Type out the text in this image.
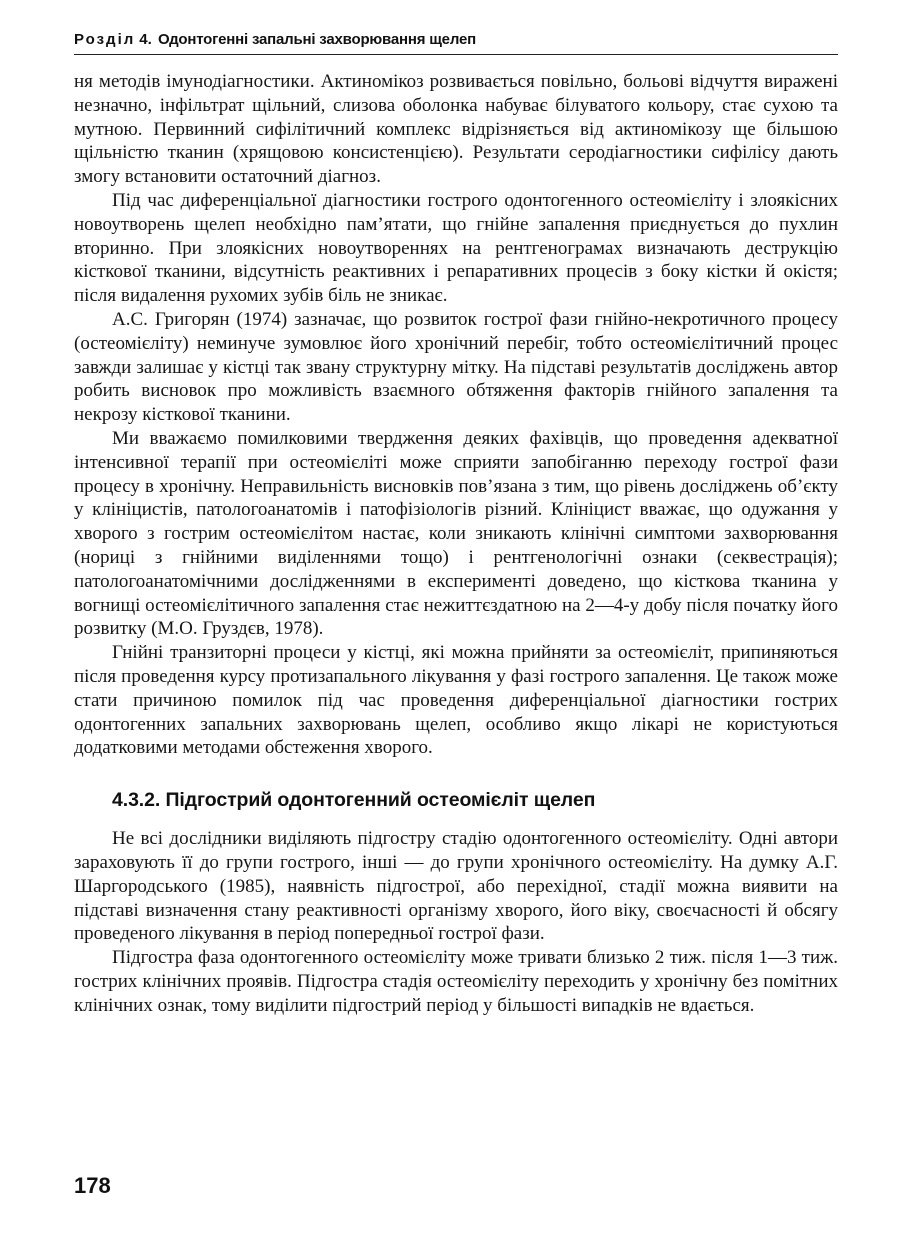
Розділ 4. Одонтогенні запальні захворювання щелеп

ня методів імунодіагностики. Актиномікоз розвивається повільно, больові відчуття виражені незначно, інфільтрат щільний, слизова оболонка набуває білуватого кольору, стає сухою та мутною. Первинний сифілітичний комплекс відрізняється від актиномікозу ще більшою щільністю тканин (хрящовою консистенцією). Результати серодіагностики сифілісу дають змогу встановити остаточний діагноз.

Під час диференціальної діагностики гострого одонтогенного остеомієліту і злоякісних новоутворень щелеп необхідно пам’ятати, що гнійне запалення приєднується до пухлин вторинно. При злоякісних новоутвореннях на рентгенограмах визначають деструкцію кісткової тканини, відсутність реактивних і репаративних процесів з боку кістки й окістя; після видалення рухомих зубів біль не зникає.

А.С. Григорян (1974) зазначає, що розвиток гострої фази гнійно-некротичного процесу (остеомієліту) неминуче зумовлює його хронічний перебіг, тобто остеомієлітичний процес завжди залишає у кістці так звану структурну мітку. На підставі результатів досліджень автор робить висновок про можливість взаємного обтяження факторів гнійного запалення та некрозу кісткової тканини.

Ми вважаємо помилковими твердження деяких фахівців, що проведення адекватної інтенсивної терапії при остеомієліті може сприяти запобіганню переходу гострої фази процесу в хронічну. Неправильність висновків пов’язана з тим, що рівень досліджень об’єкту у клініцистів, патологоанатомів і патофізіологів різний. Клініцист вважає, що одужання у хворого з гострим остеомієлітом настає, коли зникають клінічні симптоми захворювання (нориці з гнійними виділеннями тощо) і рентгенологічні ознаки (секвестрація); патологоанатомічними дослідженнями в експерименті доведено, що кісткова тканина у вогнищі остеомієлітичного запалення стає нежиттєздатною на 2—4-у добу після початку його розвитку (М.О. Груздєв, 1978).

Гнійні транзиторні процеси у кістці, які можна прийняти за остеомієліт, припиняються після проведення курсу протизапального лікування у фазі гострого запалення. Це також може стати причиною помилок під час проведення диференціальної діагностики гострих одонтогенних запальних захворювань щелеп, особливо якщо лікарі не користуються додатковими методами обстеження хворого.

4.3.2. Підгострий одонтогенний остеомієліт щелеп

Не всі дослідники виділяють підгостру стадію одонтогенного остеомієліту. Одні автори зараховують її до групи гострого, інші — до групи хронічного остеомієліту. На думку А.Г. Шаргородського (1985), наявність підгострої, або перехідної, стадії можна виявити на підставі визначення стану реактивності організму хворого, його віку, своєчасності й обсягу проведеного лікування в період попередньої гострої фази.

Підгостра фаза одонтогенного остеомієліту може тривати близько 2 тиж. після 1—3 тиж. гострих клінічних проявів. Підгостра стадія остеомієліту переходить у хронічну без помітних клінічних ознак, тому виділити підгострий період у більшості випадків не вдається.

178
